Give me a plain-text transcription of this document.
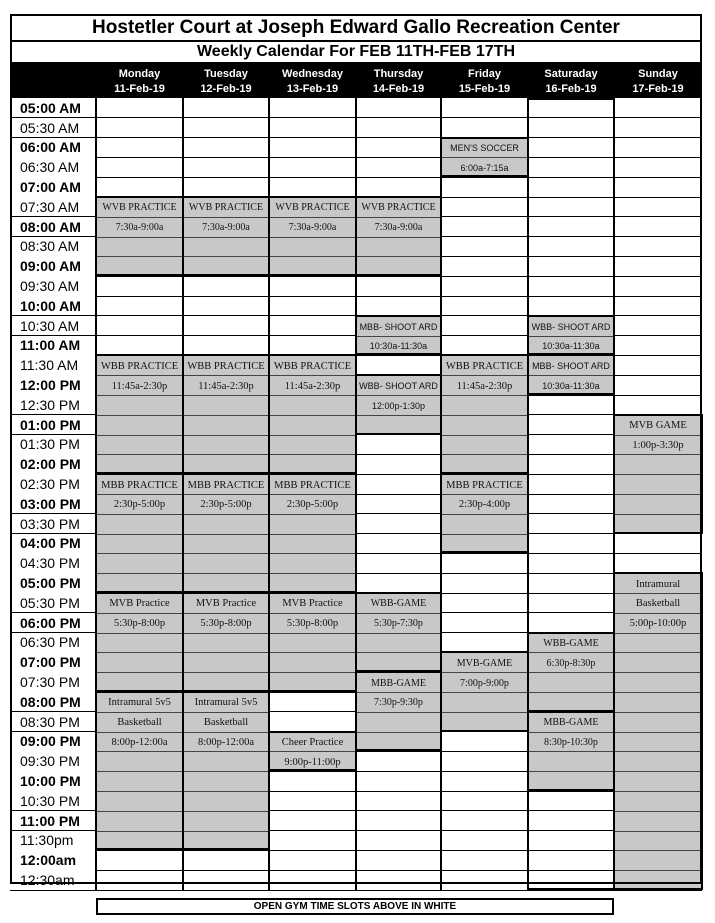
Hostetler Court at Joseph Edward Gallo Recreation Center
Weekly Calendar For FEB 11TH-FEB 17TH
Monday
11-Feb-19
Tuesday
12-Feb-19
Wednesday
13-Feb-19
Thursday
14-Feb-19
Friday
15-Feb-19
Saturaday
16-Feb-19
Sunday
17-Feb-19
05:00 AM
05:30 AM
06:00 AM
06:30 AM
07:00 AM
07:30 AM
08:00 AM
08:30 AM
09:00 AM
09:30 AM
10:00 AM
10:30 AM
11:00 AM
11:30 AM
12:00 PM
12:30 PM
01:00 PM
01:30 PM
02:00 PM
02:30 PM
03:00 PM
03:30 PM
04:00 PM
04:30 PM
05:00 PM
05:30 PM
06:00 PM
06:30 PM
07:00 PM
07:30 PM
08:00 PM
08:30 PM
09:00 PM
09:30 PM
10:00 PM
10:30 PM
11:00 PM
11:30pm
12:00am
12:30am
MEN'S SOCCER
6:00a-7:15a
WVB PRACTICE
7:30a-9:00a
WVB PRACTICE
7:30a-9:00a
WVB PRACTICE
7:30a-9:00a
WVB PRACTICE
7:30a-9:00a
MBB- SHOOT ARD
10:30a-11:30a
WBB- SHOOT ARD
10:30a-11:30a
MBB- SHOOT ARD
10:30a-11:30a
WBB PRACTICE
11:45a-2:30p
WBB PRACTICE
11:45a-2:30p
WBB PRACTICE
11:45a-2:30p
WBB PRACTICE
11:45a-2:30p
WBB- SHOOT ARD
12:00p-1:30p
MVB GAME
1:00p-3:30p
MBB PRACTICE
2:30p-5:00p
MBB PRACTICE
2:30p-5:00p
MBB PRACTICE
2:30p-5:00p
MBB PRACTICE
2:30p-4:00p
Intramural
Basketball
5:00p-10:00p
MVB Practice
5:30p-8:00p
MVB Practice
5:30p-8:00p
MVB Practice
5:30p-8:00p
WBB-GAME
5:30p-7:30p
WBB-GAME
6:30p-8:30p
MVB-GAME
7:00p-9:00p
MBB-GAME
7:30p-9:30p
Intramural 5v5
Basketball
8:00p-12:00a
Intramural 5v5
Basketball
8:00p-12:00a
MBB-GAME
8:30p-10:30p
Cheer Practice
9:00p-11:00p
OPEN GYM TIME SLOTS ABOVE IN WHITE
